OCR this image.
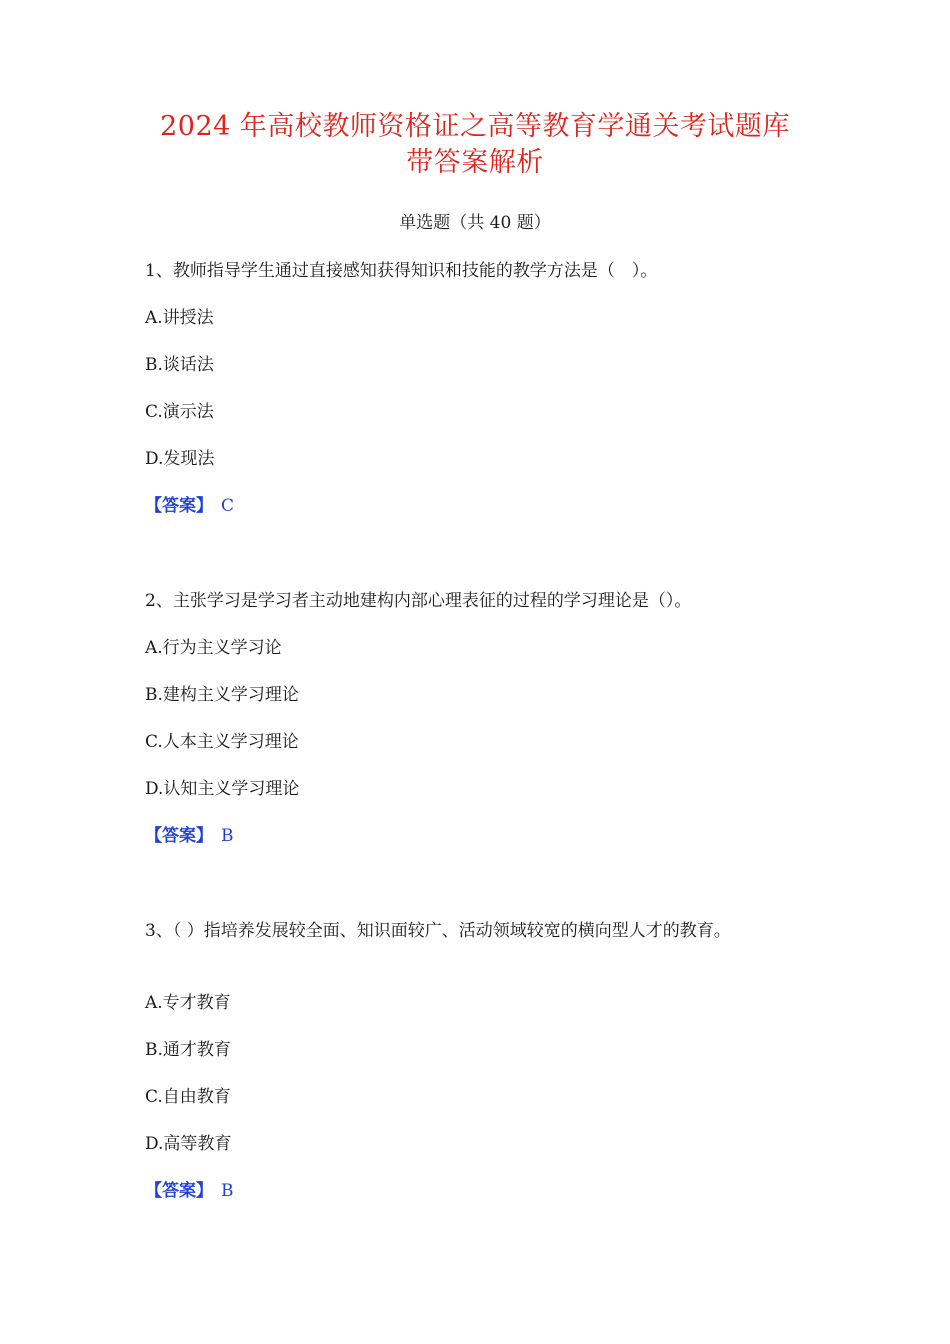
2024 年高校教师资格证之高等教育学通关考试题库
带答案解析
单选题（共 40 题）
1、教师指导学生通过直接感知获得知识和技能的教学方法是（　）。
A.讲授法
B.谈话法
C.演示法
D.发现法
【答案】 C
2、主张学习是学习者主动地建构内部心理表征的过程的学习理论是（）。
A.行为主义学习论
B.建构主义学习理论
C.人本主义学习理论
D.认知主义学习理论
【答案】 B
3、（ ）指培养发展较全面、知识面较广、活动领域较宽的横向型人才的教育。
A.专才教育
B.通才教育
C.自由教育
D.高等教育
【答案】 B
